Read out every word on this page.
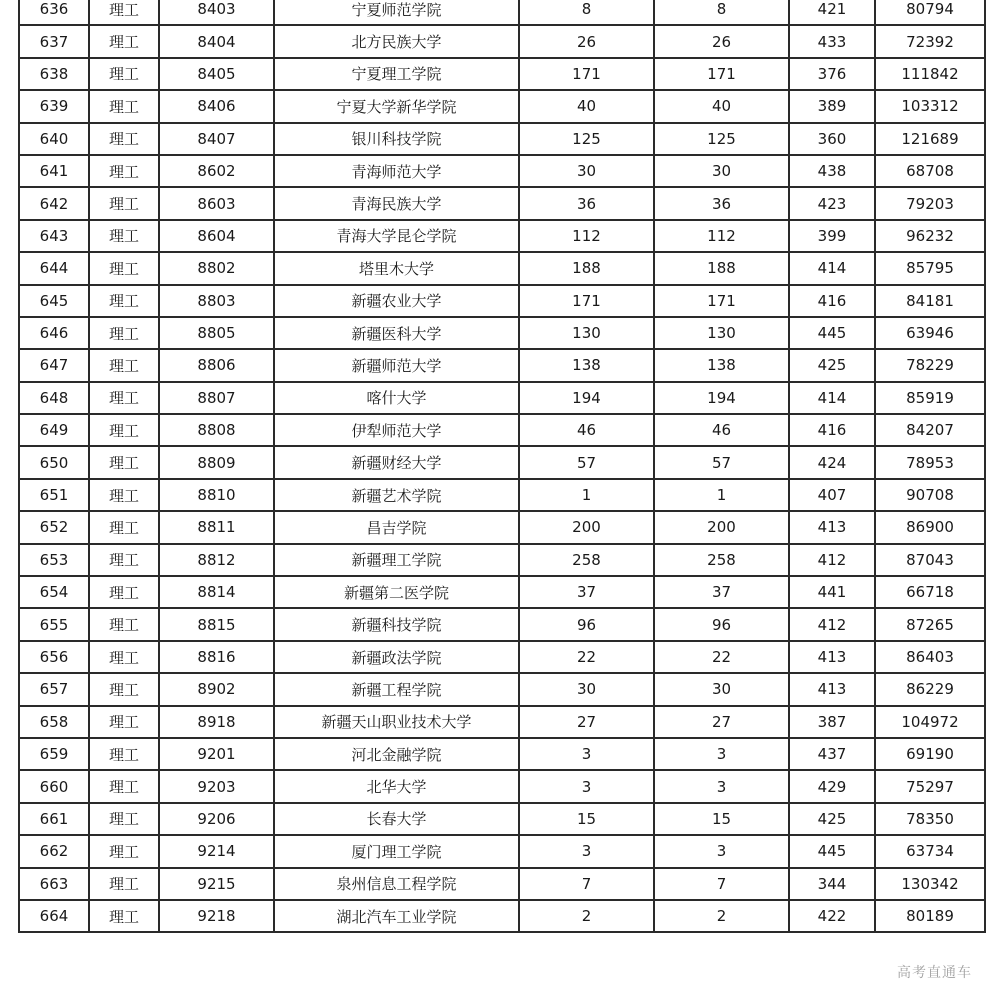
636	理工	8403	宁夏师范学院	8	8	421	80794
637	理工	8404	北方民族大学	26	26	433	72392
638	理工	8405	宁夏理工学院	171	171	376	111842
639	理工	8406	宁夏大学新华学院	40	40	389	103312
640	理工	8407	银川科技学院	125	125	360	121689
641	理工	8602	青海师范大学	30	30	438	68708
642	理工	8603	青海民族大学	36	36	423	79203
643	理工	8604	青海大学昆仑学院	112	112	399	96232
644	理工	8802	塔里木大学	188	188	414	85795
645	理工	8803	新疆农业大学	171	171	416	84181
646	理工	8805	新疆医科大学	130	130	445	63946
647	理工	8806	新疆师范大学	138	138	425	78229
648	理工	8807	喀什大学	194	194	414	85919
649	理工	8808	伊犁师范大学	46	46	416	84207
650	理工	8809	新疆财经大学	57	57	424	78953
651	理工	8810	新疆艺术学院	1	1	407	90708
652	理工	8811	昌吉学院	200	200	413	86900
653	理工	8812	新疆理工学院	258	258	412	87043
654	理工	8814	新疆第二医学院	37	37	441	66718
655	理工	8815	新疆科技学院	96	96	412	87265
656	理工	8816	新疆政法学院	22	22	413	86403
657	理工	8902	新疆工程学院	30	30	413	86229
658	理工	8918	新疆天山职业技术大学	27	27	387	104972
659	理工	9201	河北金融学院	3	3	437	69190
660	理工	9203	北华大学	3	3	429	75297
661	理工	9206	长春大学	15	15	425	78350
662	理工	9214	厦门理工学院	3	3	445	63734
663	理工	9215	泉州信息工程学院	7	7	344	130342
664	理工	9218	湖北汽车工业学院	2	2	422	80189
高考直通车
